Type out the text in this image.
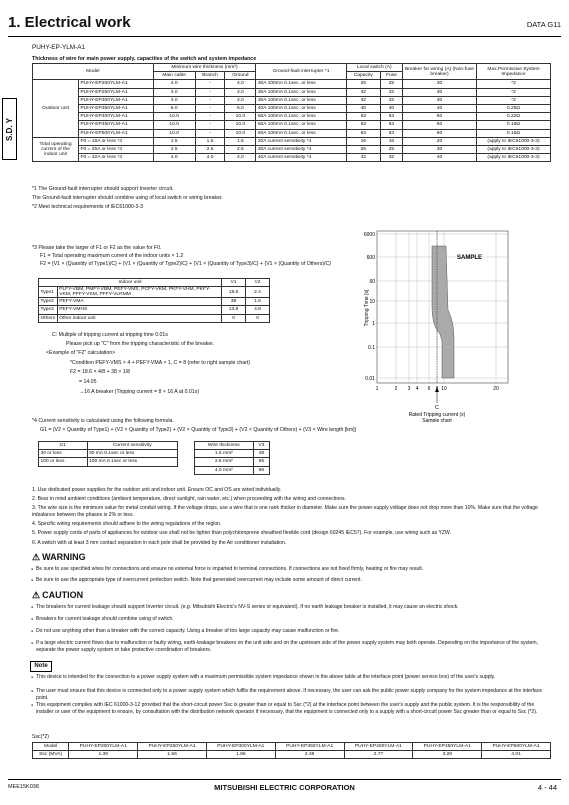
1. Electrical work	DATA G11
S.D. Y
PUHY-EP-YLM-A1
Thickness of wire for main power supply, capacities of the switch and system impedance
Model		Minimum wire thickness (mm²)			Ground-fault interrupter *1	Local switch (A)		Breaker for wiring (A) (Non-fuse breaker)	Max.Permissive System Impedance
		Main cable	Branch	Ground		Capacity	Fuse		
Outdoor unit	PUHY-EP200YLM-A1	4.0	-	4.0	30A 100mA 0.1sec. or less	25	25	30	*2
	PUHY-EP250YLM-A1	4.0	-	4.0	30A 100mA 0.1sec. or less	32	32	30	*2
	PUHY-EP300YLM-A1	4.0	-	4.0	30A 100mA 0.1sec. or less	32	32	30	*2
	PUHY-EP350YLM-A1	6.0	-	6.0	40A 100mA 0.1sec. or less	40	40	40	0.25Ω
	PUHY-EP400YLM-A1	10.0	-	10.0	60A 100mA 0.1sec. or less	63	63	60	0.22Ω
	PUHY-EP450YLM-A1	10.0	-	10.0	60A 100mA 0.1sec. or less	63	63	60	0.19Ω
	PUHY-EP500YLM-A1	10.0	-	10.0	60A 100mA 0.1sec. or less	63	63	60	0.15Ω
Total operating current of the indoor unit	F0 = 16A or less *3	1.5	1.5	1.5	20A current sensitivity *4	16	16	20	(apply to IEC61000-3-3)
	F0 = 25A or less *3	2.5	2.5	2.5	30A current sensitivity *4	25	25	30	(apply to IEC61000-3-3)
	F0 = 32A or less *3	4.0	4.0	4.0	40A current sensitivity *4	32	32	40	(apply to IEC61000-3-3)
*1 The Ground-fault interrupter should support Inverter circuit.
The Ground-fault interrupter should combine using of local switch or wiring breaker.
*2 Meet technical requirements of IEC61000-3-3
*3 Please take the larger of F1 or F2 as the value for F0.
F1 = Total operating maximum current of the indoor units × 1.2
F2 = {V1 × (Quantity of Type1)/C} + {V1 × (Quantity of Type2)/C} + {V1 × (Quantity of Type3)/C} + {V1 × (Quantity of Others)/C}
Indoor unit		V1	V2
Type1	PLFY-VBM, PMFY-VBM, PEFY-VMS, PCFY-VKM, PKFY-VHM, PKFY-VKM, PFFY-VKM, PFFY-VLRMM	18.6	2.4
Type2	PEFY-VMA	38	1.6
Type3	PEFY-VMHS	13.8	4.8
Others	Other indoor unit	0	0
C: Multiple of tripping current at tripping time 0.01s
Please pick up "C" from the tripping characteristic of the breaker.
<Example of "F2" calculation>
*Condition PEFY-VMS × 4 + PEFY-VMA × 1, C = 8 (refer to right sample chart)
F2 = 18.6 × 4/8 + 38 × 1/8
= 14.05
→16 A breaker (Tripping current = 8 × 16 A at 0.01s)
SAMPLE
6000
600
60
10
1
0.1
0.01
1	2 3 4 6 10	20
Tripping Time [s]
C
Rated Tripping current (x)
Sample chart
*4 Current sensitivity is calculated using the following formula.
G1 = (V2 × Quantity of Type1) + (V2 × Quantity of Type2) + (V2 × Quantity of Type3) + (V2 × Quantity of Others) + (V3 × Wire length [km])
G1	Current sensitivity
30 or less	30 mA 0.1sec or less
100 or less	100 mA 0.1sec or less
Wire thickness	V3
1.5 mm²	48
2.5 mm²	56
4.0 mm²	66
1. Use dedicated power supplies for the outdoor unit and indoor unit. Ensure OC and OS are wired individually.
2. Bear in mind ambient conditions (ambient temperature, direct sunlight, rain water, etc.) when proceeding with the wiring and connections.
3. The wire size is the minimum value for metal conduit wiring. If the voltage drops, use a wire that is one rank thicker in diameter. Make sure the power-supply voltage does not drop more than 10%. Make sure that the voltage imbalance between the phases is 2% or less.
4. Specific wiring requirements should adhere to the wiring regulations of the region.
5. Power supply cords of parts of appliances for outdoor use shall not be lighter than polychloroprene sheathed flexible cord (design 60245 IEC57). For example, use wiring such as YZW.
6. A switch with at least 3 mm contact separation in each pole shall be provided by the Air conditioner installation.
⚠ WARNING
● Be sure to use specified wires for connections and ensure no external force is imparted to terminal connections. If connections are not fixed firmly, heating or fire may result.
● Be sure to use the appropriate type of overcurrent protection switch. Note that generated overcurrent may include some amount of direct current.
⚠ CAUTION
● The breakers for current leakage should support Inverter circuit. (e.g. Mitsubishi Electric's NV-S series or equivalent). If no earth leakage breaker is installed, it may cause an electric shock.
● Breakers for current leakage should combine using of switch.
● Do not use anything other than a breaker with the correct capacity. Using a breaker of too large capacity may cause malfunction or fire.
● If a large electric current flows due to malfunction or faulty wiring, earth-leakage breakers on the unit side and on the upstream side of the power supply system may both operate. Depending on the importance of the system, separate the power supply system or take protective coordination of breakers.
Note
● This device is intended for the connection to a power supply system with a maximum permissible system impedance shown in the above table at the interface point (power service box) of the user's supply.
● The user must ensure that this device is connected only to a power supply system which fulfils the requirement above. If necessary, the user can ask the public power supply company for the system impedance at the interface point.
● This equipment complies with IEC 61000-3-12 provided that the short-circuit power Ssc is greater than or equal to Ssc (*2) at the interface point between the user's supply and the public system. It is the responsibility of the installer or user of the equipment to ensure, by consultation with the distribution network operator if necessary, that the equipment is connected only to a supply with a short-circuit power Ssc greater than or equal to Ssc (*2).
Ssc(*2)
Model	PUHY-EP200YLM-A1	PUHY-EP250YLM-A1	PUHY-EP300YLM-A1	PUHY-EP350YLM-A1	PUHY-EP400YLM-A1	PUHY-EP450YLM-A1	PUHY-EP500YLM-A1
Ssc (MVA)	1.39	1.56	1.86	2.48	2.77	3.28	4.01
MEE15K038	MITSUBISHI ELECTRIC CORPORATION	4 - 44
